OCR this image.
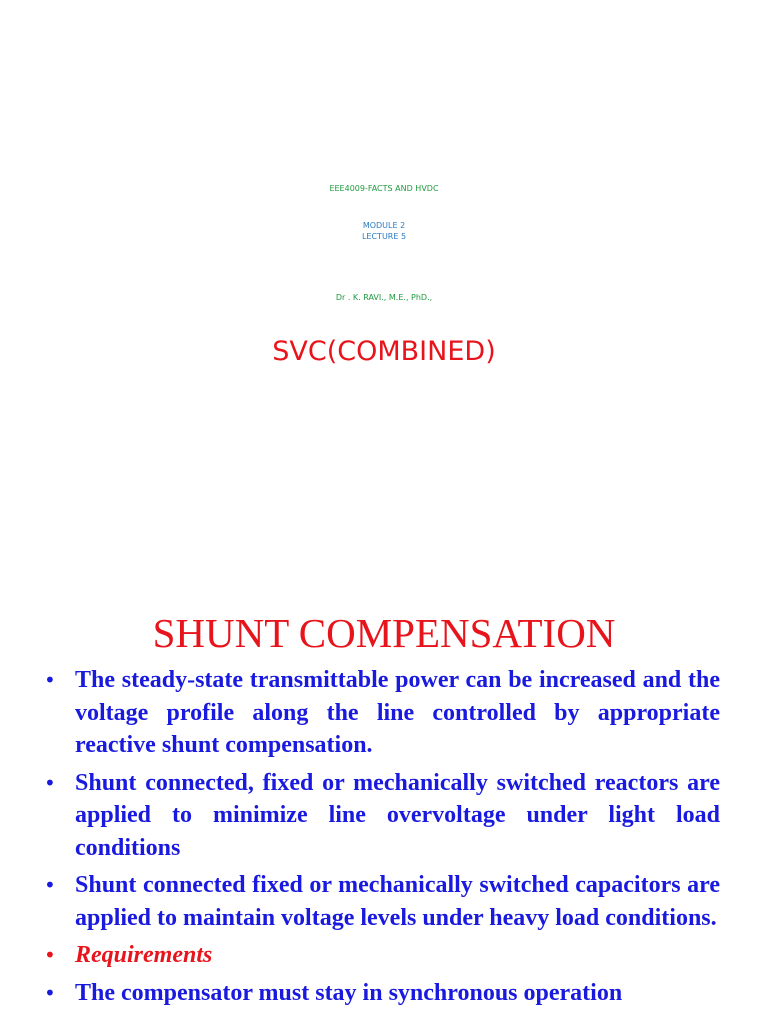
EEE4009-FACTS AND HVDC
MODULE 2
LECTURE 5
Dr . K. RAVI., M.E., PhD.,
SVC(COMBINED)
SHUNT COMPENSATION
• The steady-state transmittable power can be increased and the voltage profile along the line controlled by appropriate reactive shunt compensation.
• Shunt connected, fixed or mechanically switched reactors are applied to minimize line overvoltage under light load conditions
• Shunt connected fixed or mechanically switched capacitors are applied to maintain voltage levels under heavy load conditions.
• Requirements
• The compensator must stay in synchronous operation
